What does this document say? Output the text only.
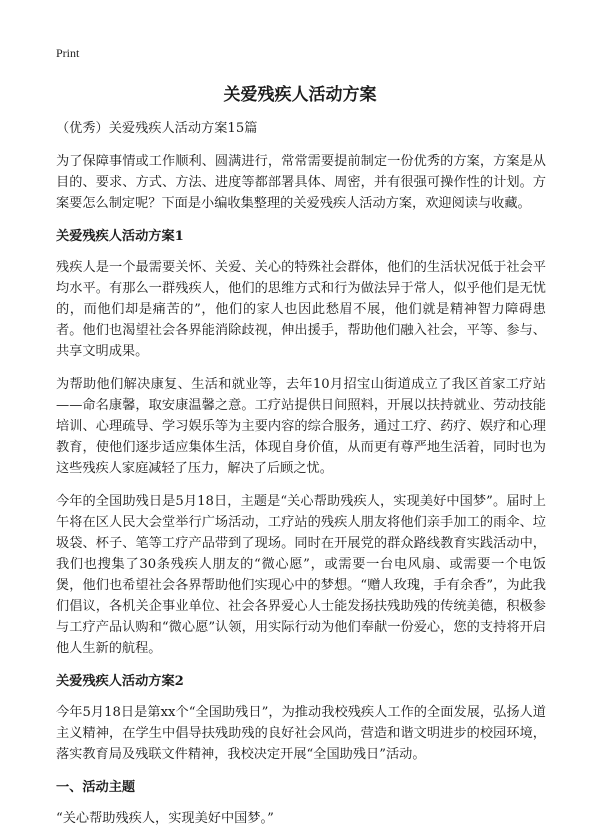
Print
关爱残疾人活动方案

（优秀）关爱残疾人活动方案15篇

为了保障事情或工作顺利、圆满进行，常常需要提前制定一份优秀的方案，方案是从目的、要求、方式、方法、进度等都部署具体、周密，并有很强可操作性的计划。方案要怎么制定呢？下面是小编收集整理的关爱残疾人活动方案，欢迎阅读与收藏。

关爱残疾人活动方案1

残疾人是一个最需要关怀、关爱、关心的特殊社会群体，他们的生活状况低于社会平均水平。有那么一群残疾人，他们的思维方式和行为做法异于常人，似乎他们是无忧的，而他们却是痛苦的”，他们的家人也因此愁眉不展，他们就是精神智力障碍患者。他们也渴望社会各界能消除歧视，伸出援手，帮助他们融入社会，平等、参与、共享文明成果。

为帮助他们解决康复、生活和就业等，去年10月招宝山街道成立了我区首家工疗站——命名康馨，取安康温馨之意。工疗站提供日间照料，开展以扶持就业、劳动技能培训、心理疏导、学习娱乐等为主要内容的综合服务，通过工疗、药疗、娱疗和心理教育，使他们逐步适应集体生活，体现自身价值，从而更有尊严地生活着，同时也为这些残疾人家庭减轻了压力，解决了后顾之忧。

今年的全国助残日是5月18日，主题是“关心帮助残疾人，实现美好中国梦”。届时上午将在区人民大会堂举行广场活动，工疗站的残疾人朋友将他们亲手加工的雨伞、垃圾袋、杯子、笔等工疗产品带到了现场。同时在开展党的群众路线教育实践活动中，我们也搜集了30条残疾人朋友的“微心愿”，或需要一台电风扇、或需要一个电饭煲，他们也希望社会各界帮助他们实现心中的梦想。“赠人玫瑰，手有余香”，为此我们倡议，各机关企事业单位、社会各界爱心人士能发扬扶残助残的传统美德，积极参与工疗产品认购和“微心愿”认领，用实际行动为他们奉献一份爱心，您的支持将开启他人生新的航程。

关爱残疾人活动方案2

今年5月18日是第xx个“全国助残日”，为推动我校残疾人工作的全面发展，弘扬人道主义精神，在学生中倡导扶残助残的良好社会风尚，营造和谐文明进步的校园环境，落实教育局及残联文件精神，我校决定开展“全国助残日”活动。

一、活动主题

“关心帮助残疾人，实现美好中国梦。”
